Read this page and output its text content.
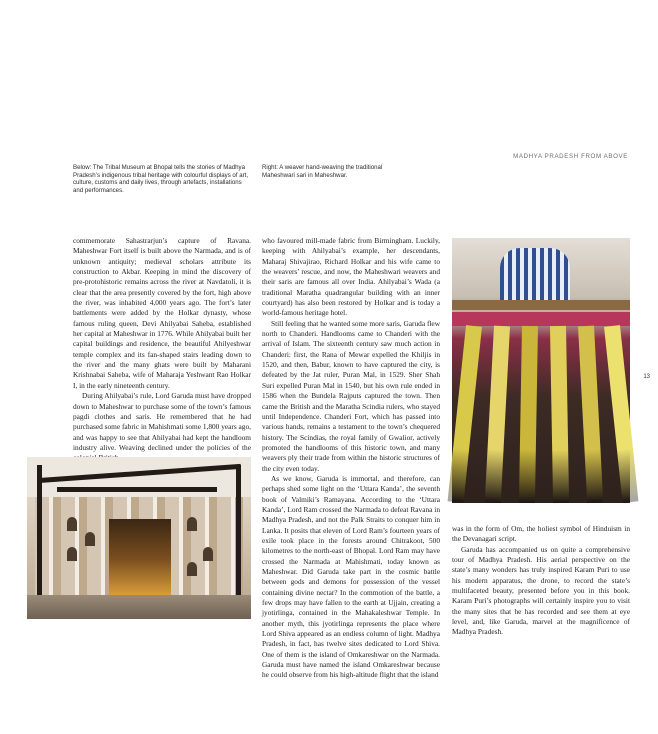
MADHYA PRADESH FROM ABOVE
13
Below: The Tribal Museum at Bhopal tells the stories of Madhya Pradesh’s indigenous tribal heritage with colourful displays of art, culture, customs and daily lives, through artefacts, installations and performances.
Right: A weaver hand-weaving the traditional Maheshwari sari in Maheshwar.

commemorate Sahastrarjun’s capture of Ravana. Maheshwar Fort itself is built above the Narmada, and is of unknown antiquity; medieval scholars attribute its construction to Akbar. Keeping in mind the discovery of pre-protohistoric remains across the river at Navdatoli, it is clear that the area presently covered by the fort, high above the river, was inhabited 4,000 years ago. The fort’s later battlements were added by the Holkar dynasty, whose famous ruling queen, Devi Ahilyabai Saheba, established her capital at Maheshwar in 1776. While Ahilyabai built her capital buildings and residence, the beautiful Ahilyeshwar temple complex and its fan-shaped stairs leading down to the river and the many ghats were built by Maharani Krishnabai Saheba, wife of Maharaja Yeshwant Rao Holkar I, in the early nineteenth century.

During Ahilyabai’s rule, Lord Garuda must have dropped down to Maheshwar to purchase some of the town’s famous pagdi clothes and saris. He remembered that he had purchased some fabric in Mahishmati some 1,800 years ago, and was happy to see that Ahilyabai had kept the handloom industry alive. Weaving declined under the policies of the

who favoured mill-made fabric from Birmingham. Luckily, keeping with Ahilyabai’s example, her descendants, Maharaj Shivajirao, Richard Holkar and his wife came to the weavers’ rescue, and now, the Maheshwari weavers and their saris are famous all over India. Ahilyabai’s Wada (a traditional Maratha quadrangular building with an inner courtyard) has also been restored by Holkar and is today a world-famous heritage hotel.

Still feeling that he wanted some more saris, Garuda flew north to Chanderi. Handlooms came to Chanderi with the arrival of Islam. The sixteenth century saw much action in Chanderi: first, the Rana of Mewar expelled the Khiljis in 1520, and then, Babur, known to have captured the city, is defeated by the Jat ruler, Puran Mal, in 1529. Sher Shah Suri expelled Puran Mal in 1540, but his own rule ended in 1586 when the Bundela Rajputs captured the town. Then came the British and the Maratha Scindia rulers, who stayed until Independence. Chanderi Fort, which has passed into various hands, remains a testament to the town’s chequered history. The Scindias, the royal family of Gwalior, actively promoted the handlooms of this historic town, and many weavers ply their trade from within the historic structures of the city even today.

As we know, Garuda is immortal, and therefore, can perhaps shed some light on the ‘Uttara Kanda’, the seventh book of Valmiki’s Ramayana. According to the ‘Uttara Kanda’, Lord Ram crossed the Narmada to defeat Ravana in Madhya Pradesh, and not the Palk Straits to conquer him in Lanka. It posits that eleven of Lord Ram’s fourteen years of exile took place in the forests around Chitrakoot, 500 kilometres to the north-east of Bhopal. Lord Ram may have crossed the Narmada at Mahishmati, today known as Maheshwar. Did Garuda take part in the cosmic battle between gods and demons for possession of the vessel containing divine nectar? In the commotion of the battle, a few drops may have fallen to the earth at Ujjain, creating a jyotirlinga, contained in the Mahakaleshwar Temple. In another myth, this jyotirlinga represents the place where Lord Shiva appeared as an endless column of light. Madhya Pradesh, in fact, has twelve sites dedicated to Lord Shiva. One of them is the island of Omkareshwar on the Narmada. Garuda must have named the island Omkareshwar because he could observe from his high-altitude flight that the island

was in the form of Om, the holiest symbol of Hinduism in the Devanagari script.

Garuda has accompanied us on quite a comprehensive tour of Madhya Pradesh. His aerial perspective on the state’s many wonders has truly inspired Karam Puri to use his modern apparatus, the drone, to record the state’s multifaceted beauty, presented before you in this book. Karam Puri’s photographs will certainly inspire you to visit the many sites that he has recorded and see them at eye level, and, like Garuda, marvel at the magnificence of Madhya Pradesh.
